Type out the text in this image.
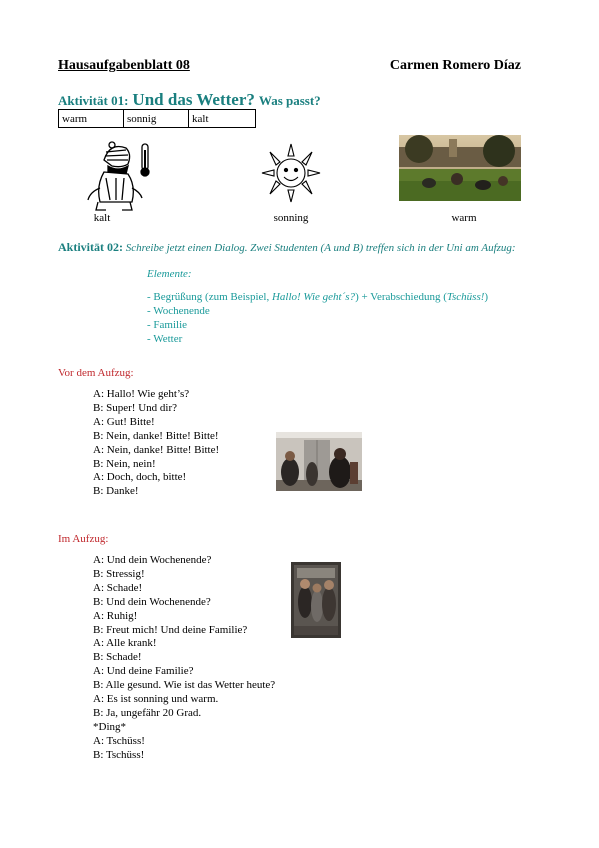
Hausaufgabenblatt 08	Carmen Romero Díaz
Aktivität 01: Und das Wetter? Was passt?
warm	sonnig	kalt
kalt	sonning	warm
Aktivität 02: Schreibe jetzt einen Dialog. Zwei Studenten (A und B) treffen sich in der Uni am Aufzug:
Elemente:
- Begrüßung (zum Beispiel, Hallo! Wie geht´s?) + Verabschiedung (Tschüss!)
- Wochenende
- Familie
- Wetter
Vor dem Aufzug:
A: Hallo! Wie geht’s?
B: Super! Und dir?
A: Gut! Bitte!
B: Nein, danke! Bitte! Bitte!
A: Nein, danke! Bitte! Bitte!
B: Nein, nein!
A: Doch, doch, bitte!
B: Danke!
Im Aufzug:
A: Und dein Wochenende?
B: Stressig!
A: Schade!
B: Und dein Wochenende?
A: Ruhig!
B: Freut mich! Und deine Familie?
A: Alle krank!
B: Schade!
A: Und deine Familie?
B: Alle gesund. Wie ist das Wetter heute?
A: Es ist sonning und warm.
B: Ja, ungefähr 20 Grad.
*Ding*
A: Tschüss!
B: Tschüss!
